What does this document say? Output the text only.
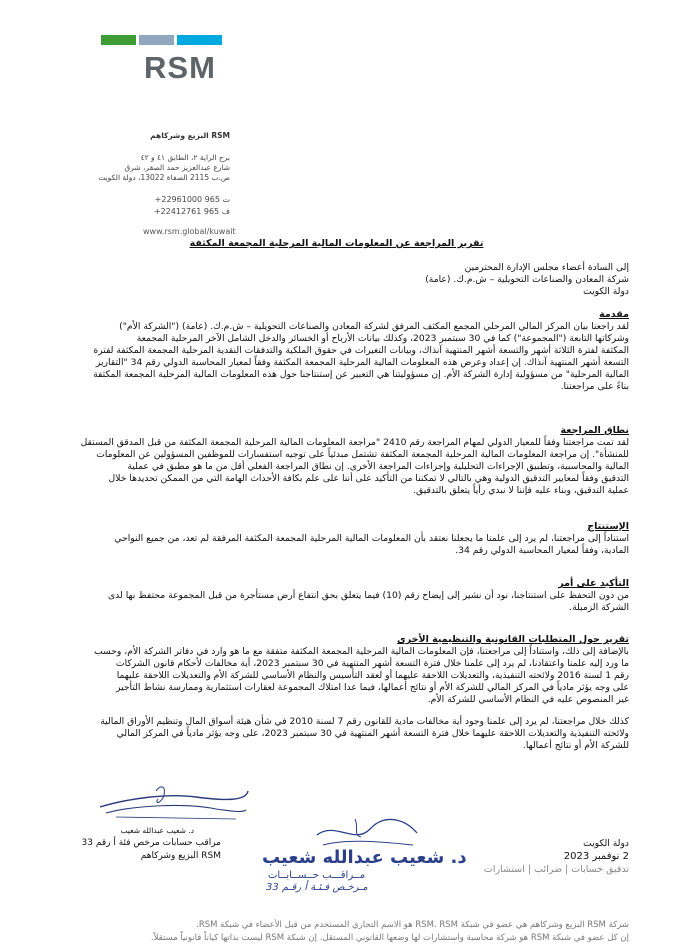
RSM
RSM البزيع وشركاهم
برج الراية ٢، الطابق ٤١ و ٤٢
شارع عبدالعزيز حمد الصقر، شرق
ص.ب 2115 الصفاة 13022، دولة الكويت
ت 965 22961000+
ف 965 22412761+
www.rsm.global/kuwait
تقرير المراجعة عن المعلومات المالية المرحلية المجمعة المكثفة
إلى السادة أعضاء مجلس الإدارة المحترمين
شركة المعادن والصناعات التحويلية – ش.م.ك. (عامة)
دولة الكويت
مقدمة
لقد راجعنا بيان المركز المالي المرحلي المجمع المكثف المرفق لشركة المعادن والصناعات التحويلية – ش.م.ك. (عامة) ("الشركة الأم")
وشركاتها التابعة ("المجموعة") كما في 30 سبتمبر 2023، وكذلك بيانات الأرباح أو الخسائر والدخل الشامل الآخر المرحلية المجمعة
المكثفة لفترة الثلاثة أشهر والتسعة أشهر المنتهية آنذاك، وبيانات التغيرات في حقوق الملكية والتدفقات النقدية المرحلية المجمعة المكثفة لفترة
التسعة أشهر المنتهية آنذاك. إن إعداد وعرض هذه المعلومات المالية المرحلية المجمعة المكثفة وفقاً لمعيار المحاسبة الدولي رقم 34 "التقارير
المالية المرحلية" من مسؤولية إدارة الشركة الأم. إن مسؤوليتنا هي التعبير عن إستنتاجنا حول هذه المعلومات المالية المرحلية المجمعة المكثفة
بناءً على مراجعتنا.
نطاق المراجعة
لقد تمت مراجعتنا وفقاً للمعيار الدولي لمهام المراجعة رقم 2410 "مراجعة المعلومات المالية المرحلية المجمعة المكثفة من قبل المدقق المستقل
للمنشأة". إن مراجعة المعلومات المالية المرحلية المجمعة المكثفة تشتمل مبدئياً على توجيه استفسارات للموظفين المسؤولين عن المعلومات
المالية والمحاسبية، وتطبيق الإجراءات التحليلية وإجراءات المراجعة الأخرى. إن نطاق المراجعة الفعلي أقل من ما هو مطبق في عملية
التدقيق وفقاً لمعايير التدقيق الدولية وهي بالتالي لا تمكننا من التأكيد على أننا على علم بكافة الأحداث الهامة التي من الممكن تحديدها خلال
عملية التدقيق، وبناء عليه فإننا لا نبدي رأياً يتعلق بالتدقيق.
الإستنتاج
استناداً إلى مراجعتنا، لم يرد إلى علمنا ما يجعلنا نعتقد بأن المعلومات المالية المرحلية المجمعة المكثفة المرفقة لم تعد، من جميع النواحي
المادية، وفقاً لمعيار المحاسبة الدولي رقم 34.
التأكيد على أمر
من دون التحفظ على استنتاجنا، نود أن نشير إلى إيضاح رقم (10) فيما يتعلق بحق انتفاع أرض مستأجرة من قبل المجموعة محتفظ بها لدى
الشركة الزميلة.
تقرير حول المتطلبات القانونية والتنظيمية الأخرى
بالإضافة إلى ذلك، واستناداً إلى مراجعتنا، فإن المعلومات المالية المرحلية المجمعة المكثفة متفقة مع ما هو وارد في دفاتر الشركة الأم، وحسب
ما ورد إليه علمنا واعتقادنا، لم يرد إلى علمنا خلال فترة التسعة أشهر المنتهية في 30 سبتمبر 2023، أية مخالفات لأحكام قانون الشركات
رقم 1 لسنة 2016 ولائحته التنفيذية، والتعديلات اللاحقة عليهما أو لعقد التأسيس والنظام الأساسي للشركة الأم والتعديلات اللاحقة عليهما
على وجه يؤثر مادياً في المركز المالي للشركة الأم أو نتائج أعمالها، فيما عدا امتلاك المجموعة لعقارات استثمارية وممارسة نشاط التأجير
غير المنصوص عليه في النظام الأساسي للشركة الأم.
كذلك خلال مراجعتنا، لم يرد إلى علمنا وجود أية مخالفات مادية للقانون رقم 7 لسنة 2010 في شأن هيئة أسواق المال وتنظيم الأوراق المالية
ولائحته التنفيذية والتعديلات اللاحقة عليهما خلال فترة التسعة أشهر المنتهية في 30 سبتمبر 2023، على وجه يؤثر مادياً في المركز المالي
للشركة الأم أو نتائج أعمالها.
د. شعيب عبدالله شعيب
مراقب حسابات مرخص فئة أ رقم 33
RSM البزيع وشركاهم د. شعيب عبدالله شعيب
مــراقـــب حــســابــات
مـرخـص فـئـة أ رقـم 33
دولة الكويت
2 نوفمبر 2023
تدقيق حسابات | ضرائب | استشارات
شركة RSM البزيع وشركاهم هي عضو في شبكة RSM. RSM هو الاسم التجاري المستخدم من قبل الأعضاء في شبكة RSM.
إن كل عضو في شبكة RSM هو شركة محاسبة واستشارات لها وضعها القانوني المستقل. إن شبكة RSM ليست بذاتها كياناً قانونياً مستقلاً.
